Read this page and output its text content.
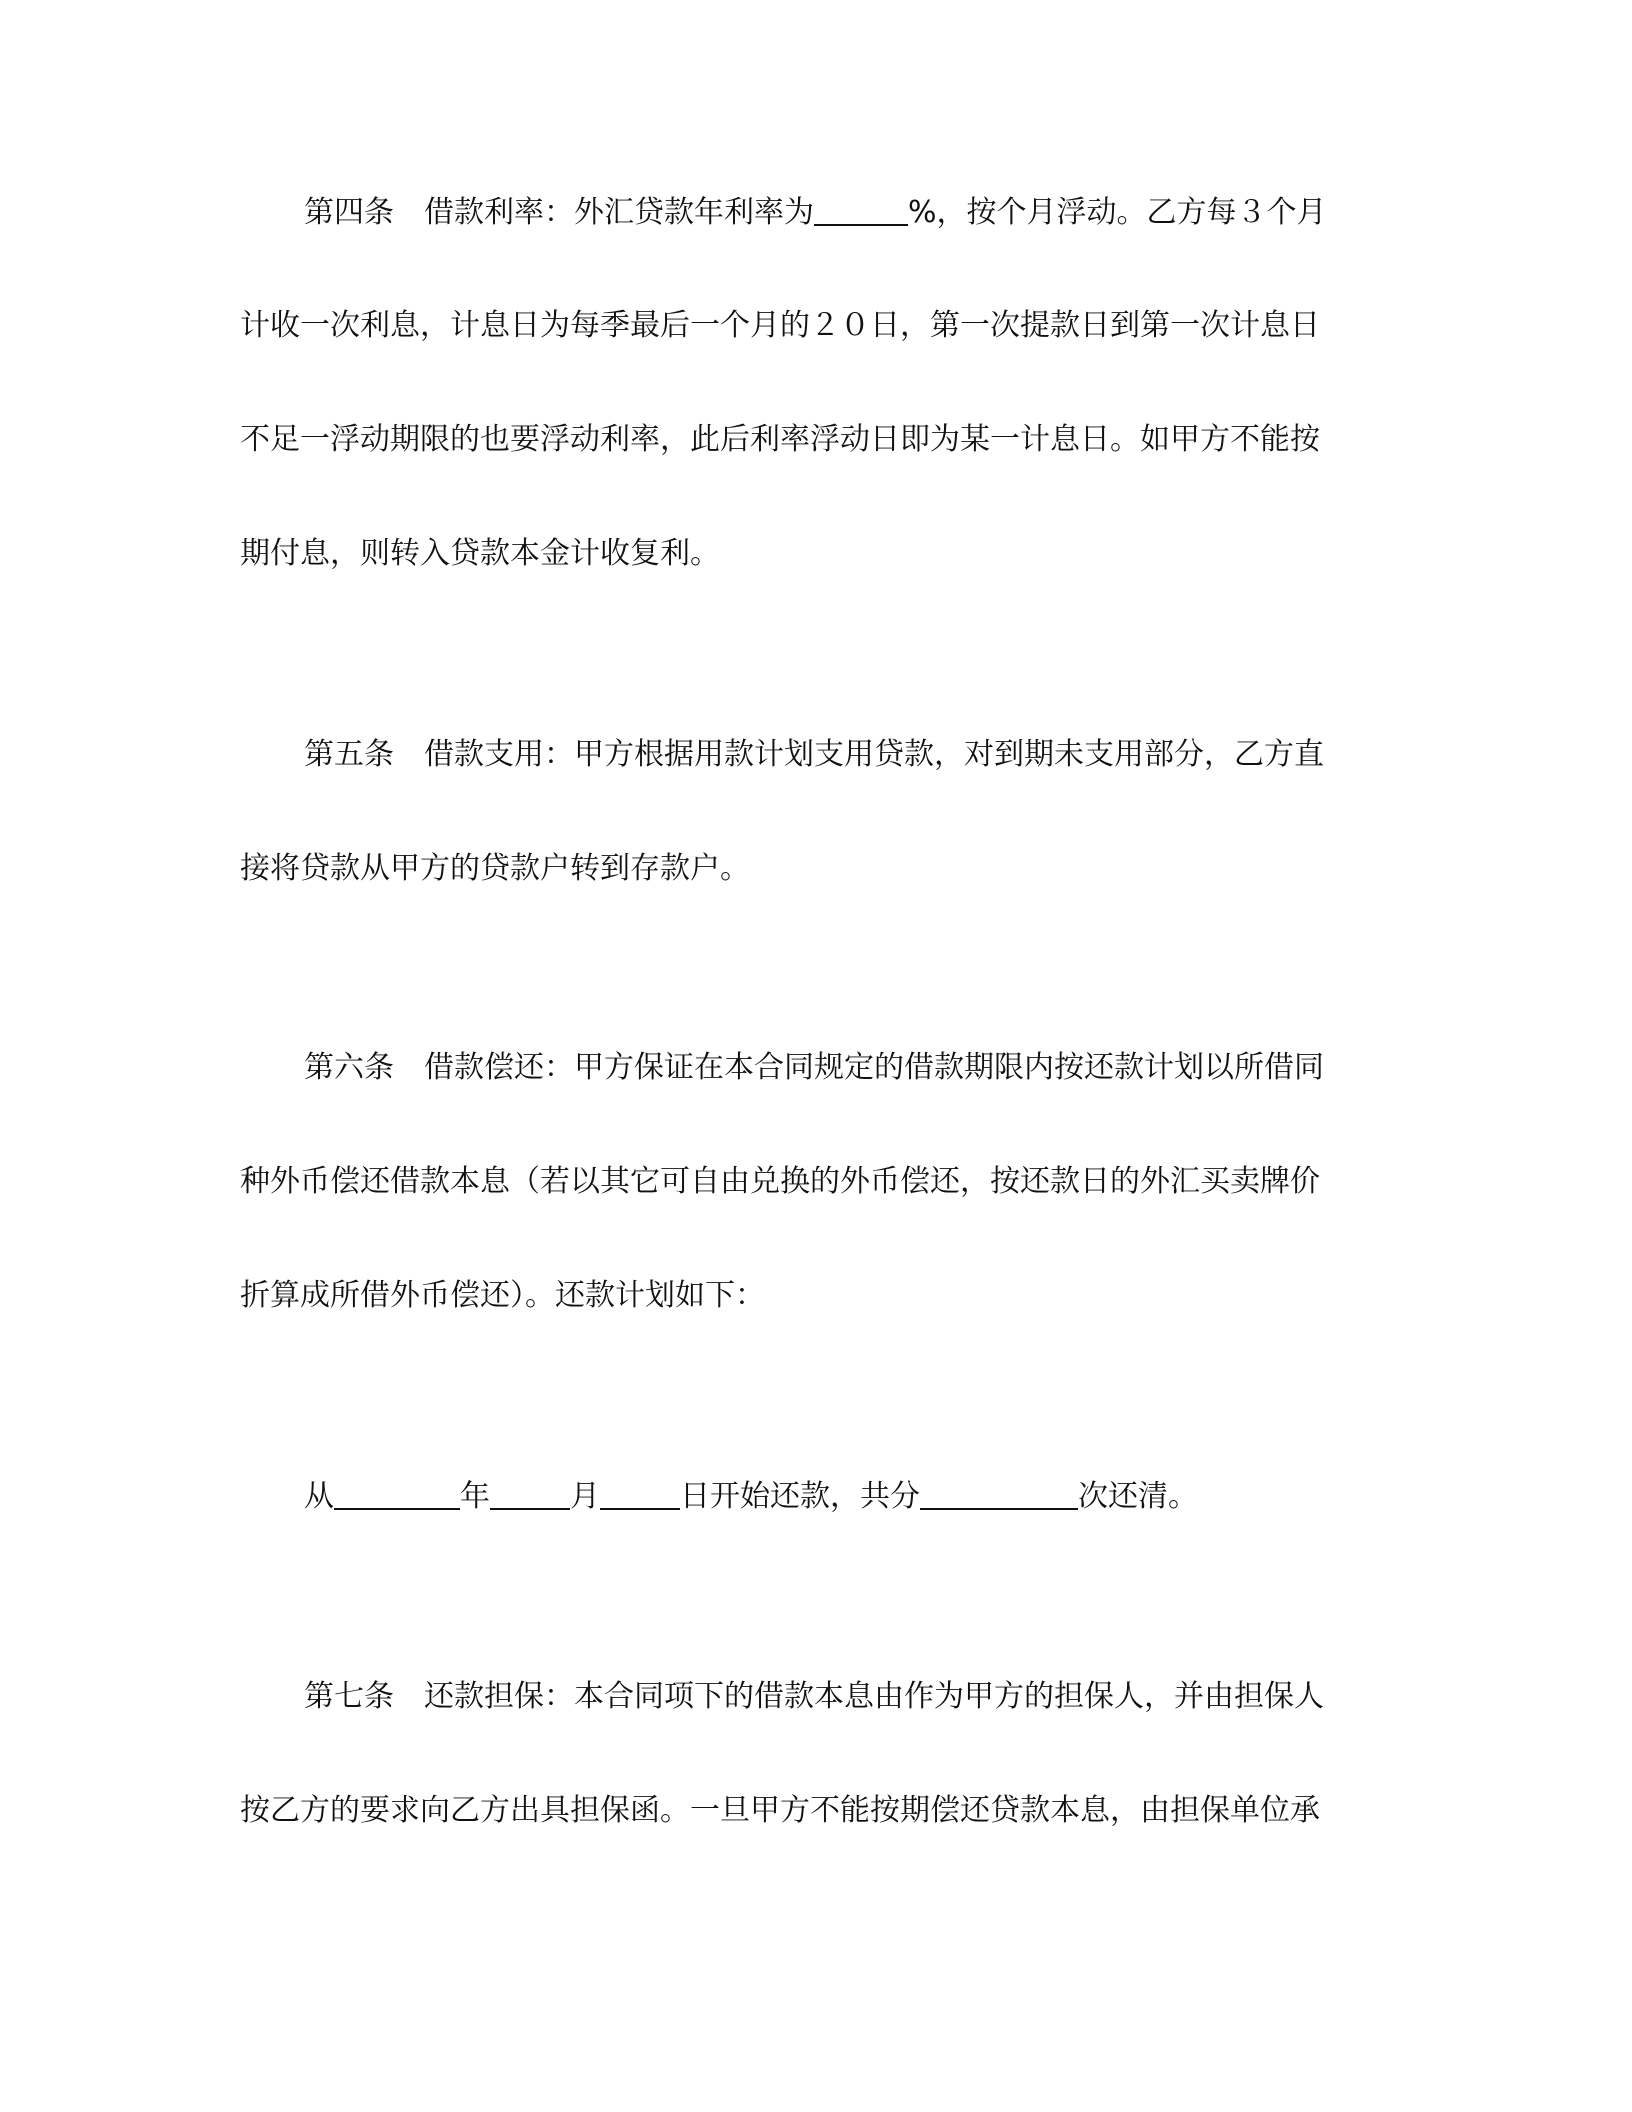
第四条 借款利率：外汇贷款年利率为	%，按个月浮动。乙方每３个月
计收一次利息，计息日为每季最后一个月的２０日，第一次提款日到第一次计息日
不足一浮动期限的也要浮动利率，此后利率浮动日即为某一计息日。如甲方不能按
期付息，则转入贷款本金计收复利。
第五条 借款支用：甲方根据用款计划支用贷款，对到期未支用部分，乙方直
接将贷款从甲方的贷款户转到存款户。
第六条 借款偿还：甲方保证在本合同规定的借款期限内按还款计划以所借同
种外币偿还借款本息（若以其它可自由兑换的外币偿还，按还款日的外汇买卖牌价
折算成所借外币偿还）。还款计划如下：
从	年	月	日开始还款，共分	次还清。
第七条 还款担保：本合同项下的借款本息由作为甲方的担保人，并由担保人
按乙方的要求向乙方出具担保函。一旦甲方不能按期偿还贷款本息，由担保单位承
